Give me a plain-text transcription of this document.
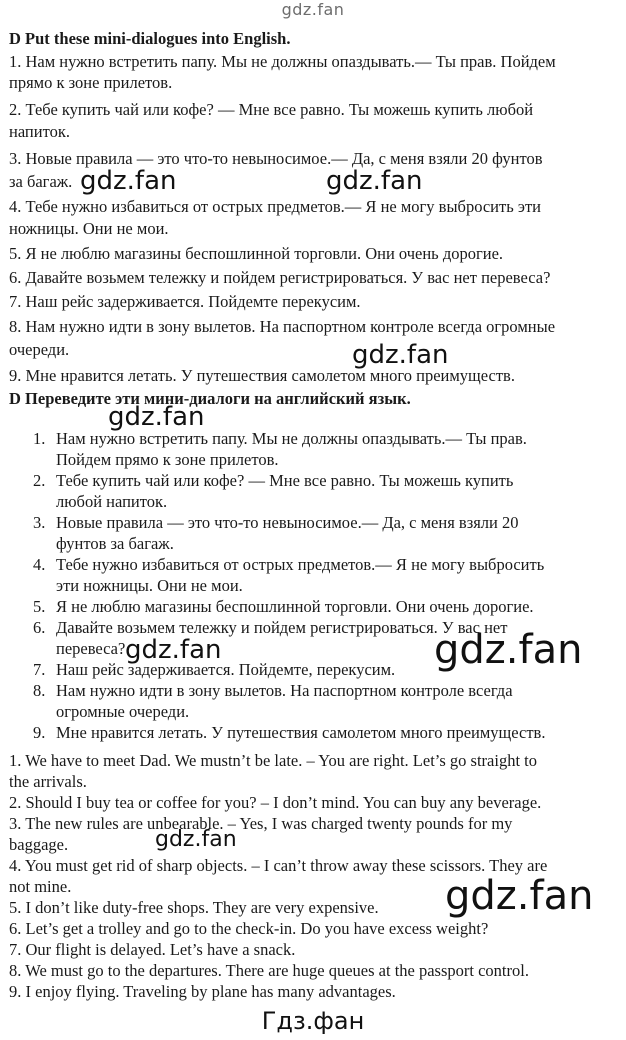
gdz.fan
D Put these mini-dialogues into English.
1. Нам нужно встретить папу. Мы не должны опаздывать.— Ты прав. Пойдем
прямо к зоне прилетов.
2. Тебе купить чай или кофе? — Мне все равно. Ты можешь купить любой
напиток.
3. Новые правила — это что-то невыносимое.— Да, с меня взяли 20 фунтов
за багаж.
4. Тебе нужно избавиться от острых предметов.— Я не могу выбросить эти
ножницы. Они не мои.
5. Я не люблю магазины беспошлинной торговли. Они очень дорогие.
6. Давайте возьмем тележку и пойдем регистрироваться. У вас нет перевеса?
7. Наш рейс задерживается. Пойдемте перекусим.
8. Нам нужно идти в зону вылетов. На паспортном контроле всегда огромные
очереди.
9. Мне нравится летать. У путешествия самолетом много преимуществ.
D Переведите эти мини-диалоги на английский язык.
1. Нам нужно встретить папу. Мы не должны опаздывать.— Ты прав.
Пойдем прямо к зоне прилетов.
2. Тебе купить чай или кофе? — Мне все равно. Ты можешь купить
любой напиток.
3. Новые правила — это что-то невыносимое.— Да, с меня взяли 20
фунтов за багаж.
4. Тебе нужно избавиться от острых предметов.— Я не могу выбросить
эти ножницы. Они не мои.
5. Я не люблю магазины беспошлинной торговли. Они очень дорогие.
6. Давайте возьмем тележку и пойдем регистрироваться. У вас нет
перевеса?
7. Наш рейс задерживается. Пойдемте, перекусим.
8. Нам нужно идти в зону вылетов. На паспортном контроле всегда
огромные очереди.
9. Мне нравится летать. У путешествия самолетом много преимуществ.
1. We have to meet Dad. We mustn’t be late. – You are right. Let’s go straight to
the arrivals.
2. Should I buy tea or coffee for you? – I don’t mind. You can buy any beverage.
3. The new rules are unbearable. – Yes, I was charged twenty pounds for my
baggage.
4. You must get rid of sharp objects. – I can’t throw away these scissors. They are
not mine.
5. I don’t like duty-free shops. They are very expensive.
6. Let’s get a trolley and go to the check-in. Do you have excess weight?
7. Our flight is delayed. Let’s have a snack.
8. We must go to the departures. There are huge queues at the passport control.
9. I enjoy flying. Traveling by plane has many advantages.
gdz.fan	gdz.fan
gdz.fan
gdz.fan
gdz.fan	gdz.fan
gdz.fan
gdz.fan
Гдз.фан
